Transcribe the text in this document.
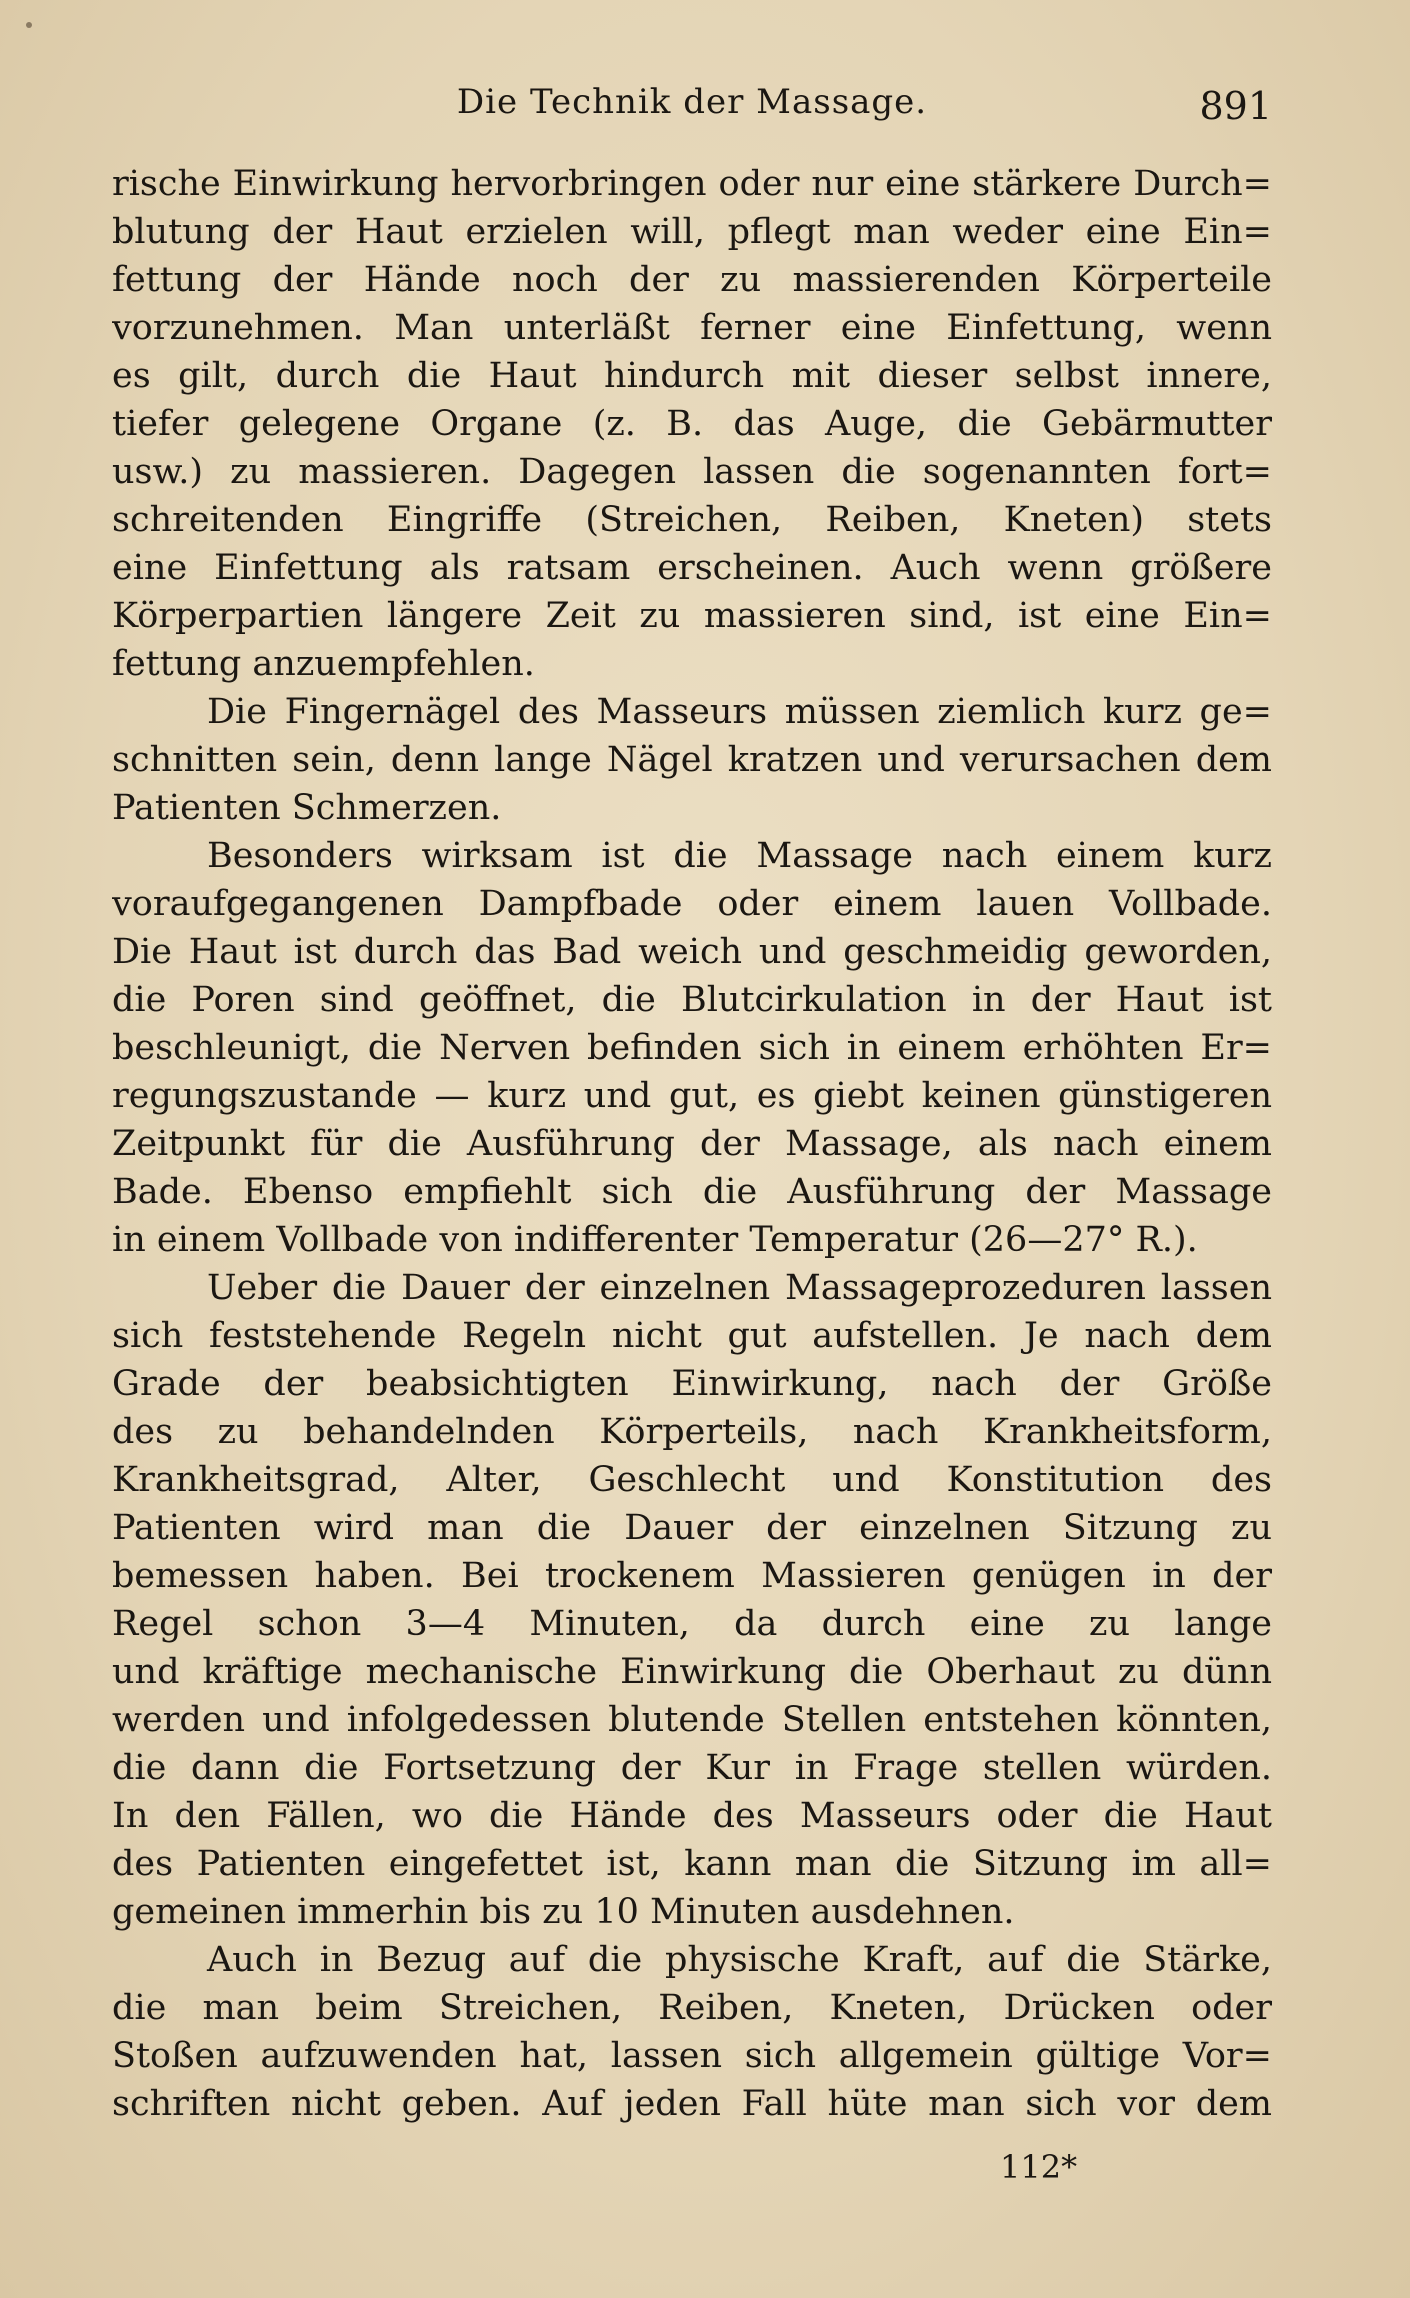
Die Technik der Massage.	891
rische Einwirkung hervorbringen oder nur eine stärkere Durch=
blutung der Haut erzielen will, pflegt man weder eine Ein=
fettung der Hände noch der zu massierenden Körperteile
vorzunehmen. Man unterläßt ferner eine Einfettung, wenn
es gilt, durch die Haut hindurch mit dieser selbst innere,
tiefer gelegene Organe (z. B. das Auge, die Gebärmutter
usw.) zu massieren. Dagegen lassen die sogenannten fort=
schreitenden Eingriffe (Streichen, Reiben, Kneten) stets
eine Einfettung als ratsam erscheinen. Auch wenn größere
Körperpartien längere Zeit zu massieren sind, ist eine Ein=
fettung anzuempfehlen.
Die Fingernägel des Masseurs müssen ziemlich kurz ge=
schnitten sein, denn lange Nägel kratzen und verursachen dem
Patienten Schmerzen.
Besonders wirksam ist die Massage nach einem kurz
voraufgegangenen Dampfbade oder einem lauen Vollbade.
Die Haut ist durch das Bad weich und geschmeidig geworden,
die Poren sind geöffnet, die Blutcirkulation in der Haut ist
beschleunigt, die Nerven befinden sich in einem erhöhten Er=
regungszustande — kurz und gut, es giebt keinen günstigeren
Zeitpunkt für die Ausführung der Massage, als nach einem
Bade. Ebenso empfiehlt sich die Ausführung der Massage
in einem Vollbade von indifferenter Temperatur (26—27° R.).
Ueber die Dauer der einzelnen Massageprozeduren lassen
sich feststehende Regeln nicht gut aufstellen. Je nach dem
Grade der beabsichtigten Einwirkung, nach der Größe
des zu behandelnden Körperteils, nach Krankheitsform,
Krankheitsgrad, Alter, Geschlecht und Konstitution des
Patienten wird man die Dauer der einzelnen Sitzung zu
bemessen haben. Bei trockenem Massieren genügen in der
Regel schon 3—4 Minuten, da durch eine zu lange
und kräftige mechanische Einwirkung die Oberhaut zu dünn
werden und infolgedessen blutende Stellen entstehen könnten,
die dann die Fortsetzung der Kur in Frage stellen würden.
In den Fällen, wo die Hände des Masseurs oder die Haut
des Patienten eingefettet ist, kann man die Sitzung im all=
gemeinen immerhin bis zu 10 Minuten ausdehnen.
Auch in Bezug auf die physische Kraft, auf die Stärke,
die man beim Streichen, Reiben, Kneten, Drücken oder
Stoßen aufzuwenden hat, lassen sich allgemein gültige Vor=
schriften nicht geben. Auf jeden Fall hüte man sich vor dem
112*
